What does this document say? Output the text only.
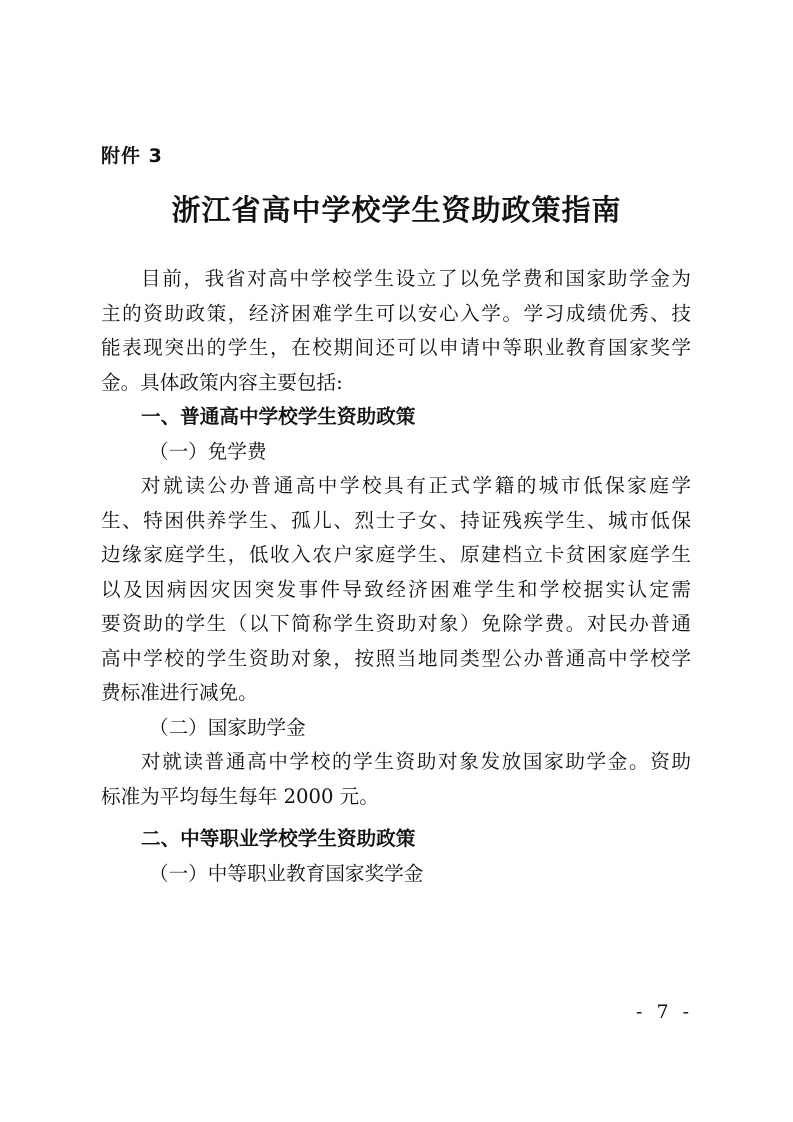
附件 3
浙江省高中学校学生资助政策指南
目前，我省对高中学校学生设立了以免学费和国家助学金为
主的资助政策，经济困难学生可以安心入学。学习成绩优秀、技
能表现突出的学生，在校期间还可以申请中等职业教育国家奖学
金。具体政策内容主要包括:
一、普通高中学校学生资助政策
（一）免学费
对就读公办普通高中学校具有正式学籍的城市低保家庭学
生、特困供养学生、孤儿、烈士子女、持证残疾学生、城市低保
边缘家庭学生，低收入农户家庭学生、原建档立卡贫困家庭学生
以及因病因灾因突发事件导致经济困难学生和学校据实认定需
要资助的学生（以下简称学生资助对象）免除学费。对民办普通
高中学校的学生资助对象，按照当地同类型公办普通高中学校学
费标准进行减免。
（二）国家助学金
对就读普通高中学校的学生资助对象发放国家助学金。资助
标准为平均每生每年 2000 元。
二、中等职业学校学生资助政策
（一）中等职业教育国家奖学金
- 7 -
